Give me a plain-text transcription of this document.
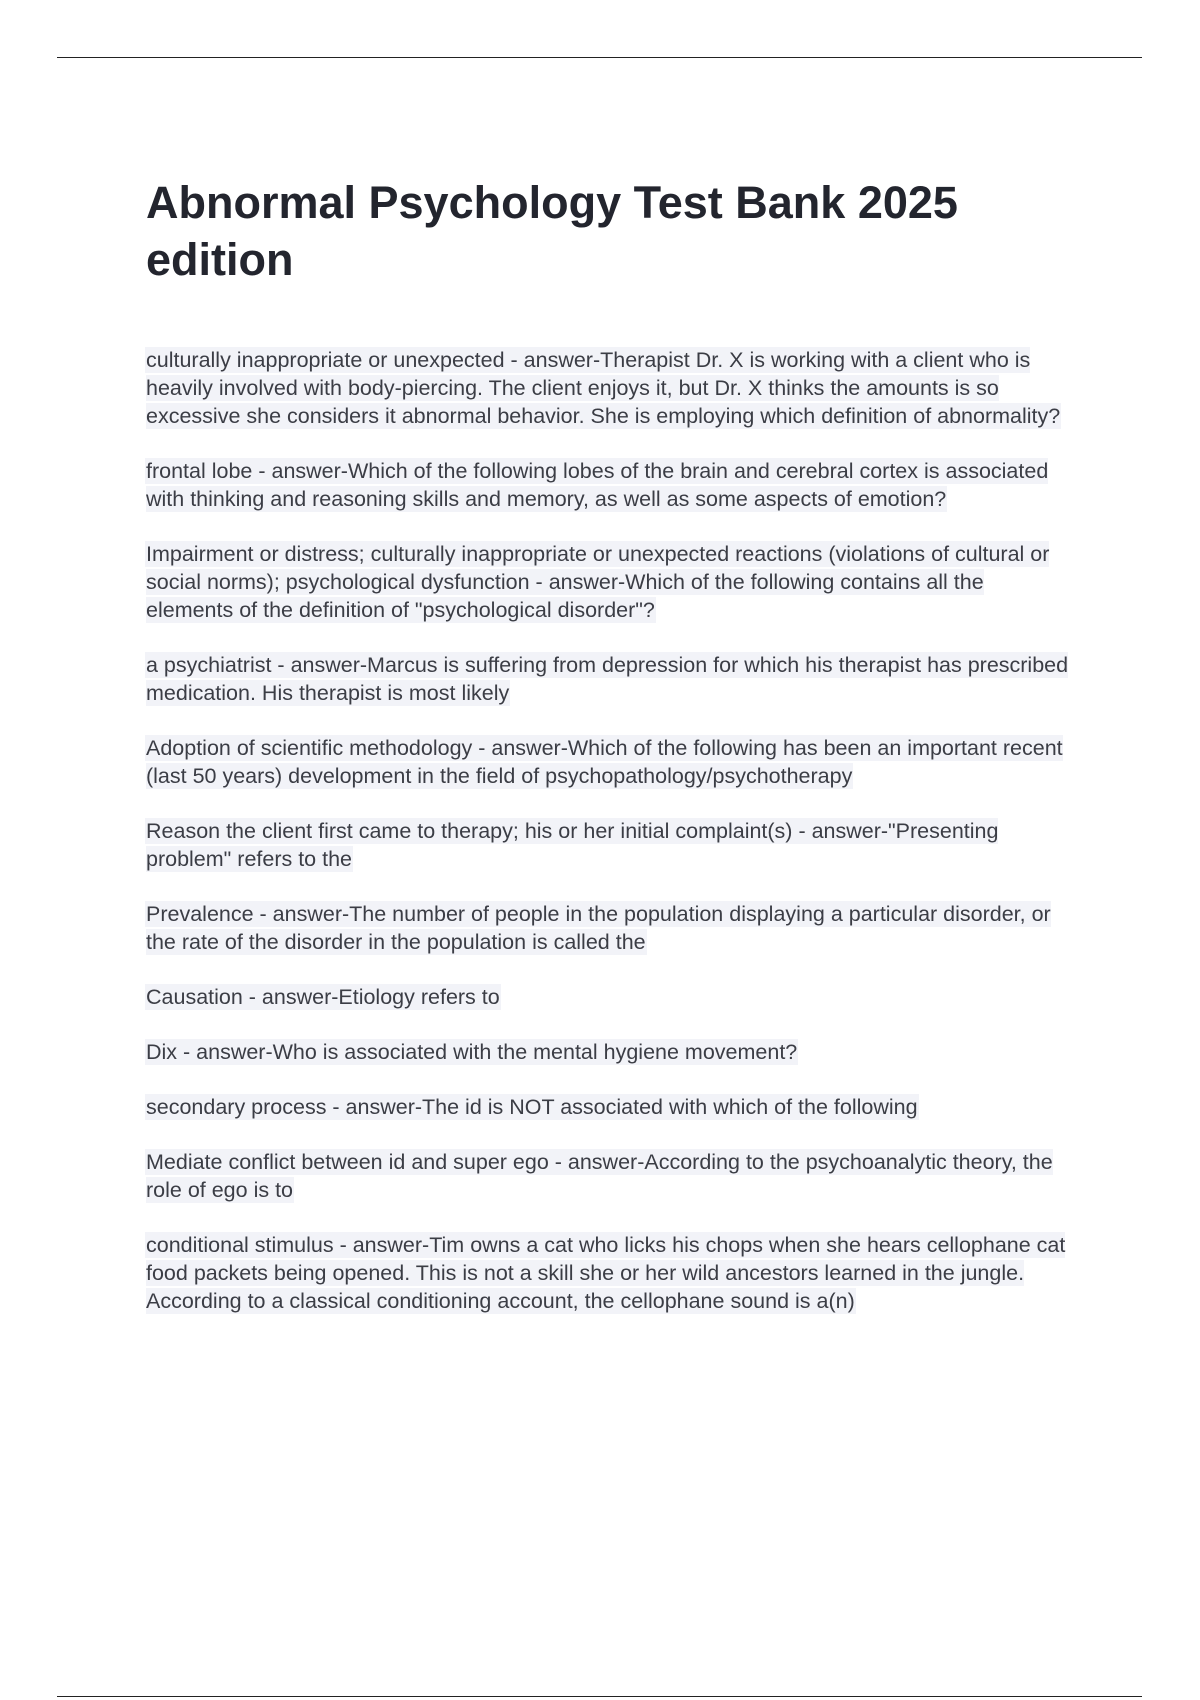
Abnormal Psychology Test Bank 2025 edition

culturally inappropriate or unexpected - answer-Therapist Dr. X is working with a client who is heavily involved with body-piercing. The client enjoys it, but Dr. X thinks the amounts is so excessive she considers it abnormal behavior. She is employing which definition of abnormality?

frontal lobe - answer-Which of the following lobes of the brain and cerebral cortex is associated with thinking and reasoning skills and memory, as well as some aspects of emotion?

Impairment or distress; culturally inappropriate or unexpected reactions (violations of cultural or social norms); psychological dysfunction - answer-Which of the following contains all the elements of the definition of "psychological disorder"?

a psychiatrist - answer-Marcus is suffering from depression for which his therapist has prescribed medication. His therapist is most likely

Adoption of scientific methodology - answer-Which of the following has been an important recent (last 50 years) development in the field of psychopathology/psychotherapy

Reason the client first came to therapy; his or her initial complaint(s) - answer-"Presenting problem" refers to the

Prevalence - answer-The number of people in the population displaying a particular disorder, or the rate of the disorder in the population is called the

Causation - answer-Etiology refers to

Dix - answer-Who is associated with the mental hygiene movement?

secondary process - answer-The id is NOT associated with which of the following

Mediate conflict between id and super ego - answer-According to the psychoanalytic theory, the role of ego is to

conditional stimulus - answer-Tim owns a cat who licks his chops when she hears cellophane cat food packets being opened. This is not a skill she or her wild ancestors learned in the jungle. According to a classical conditioning account, the cellophane sound is a(n)
